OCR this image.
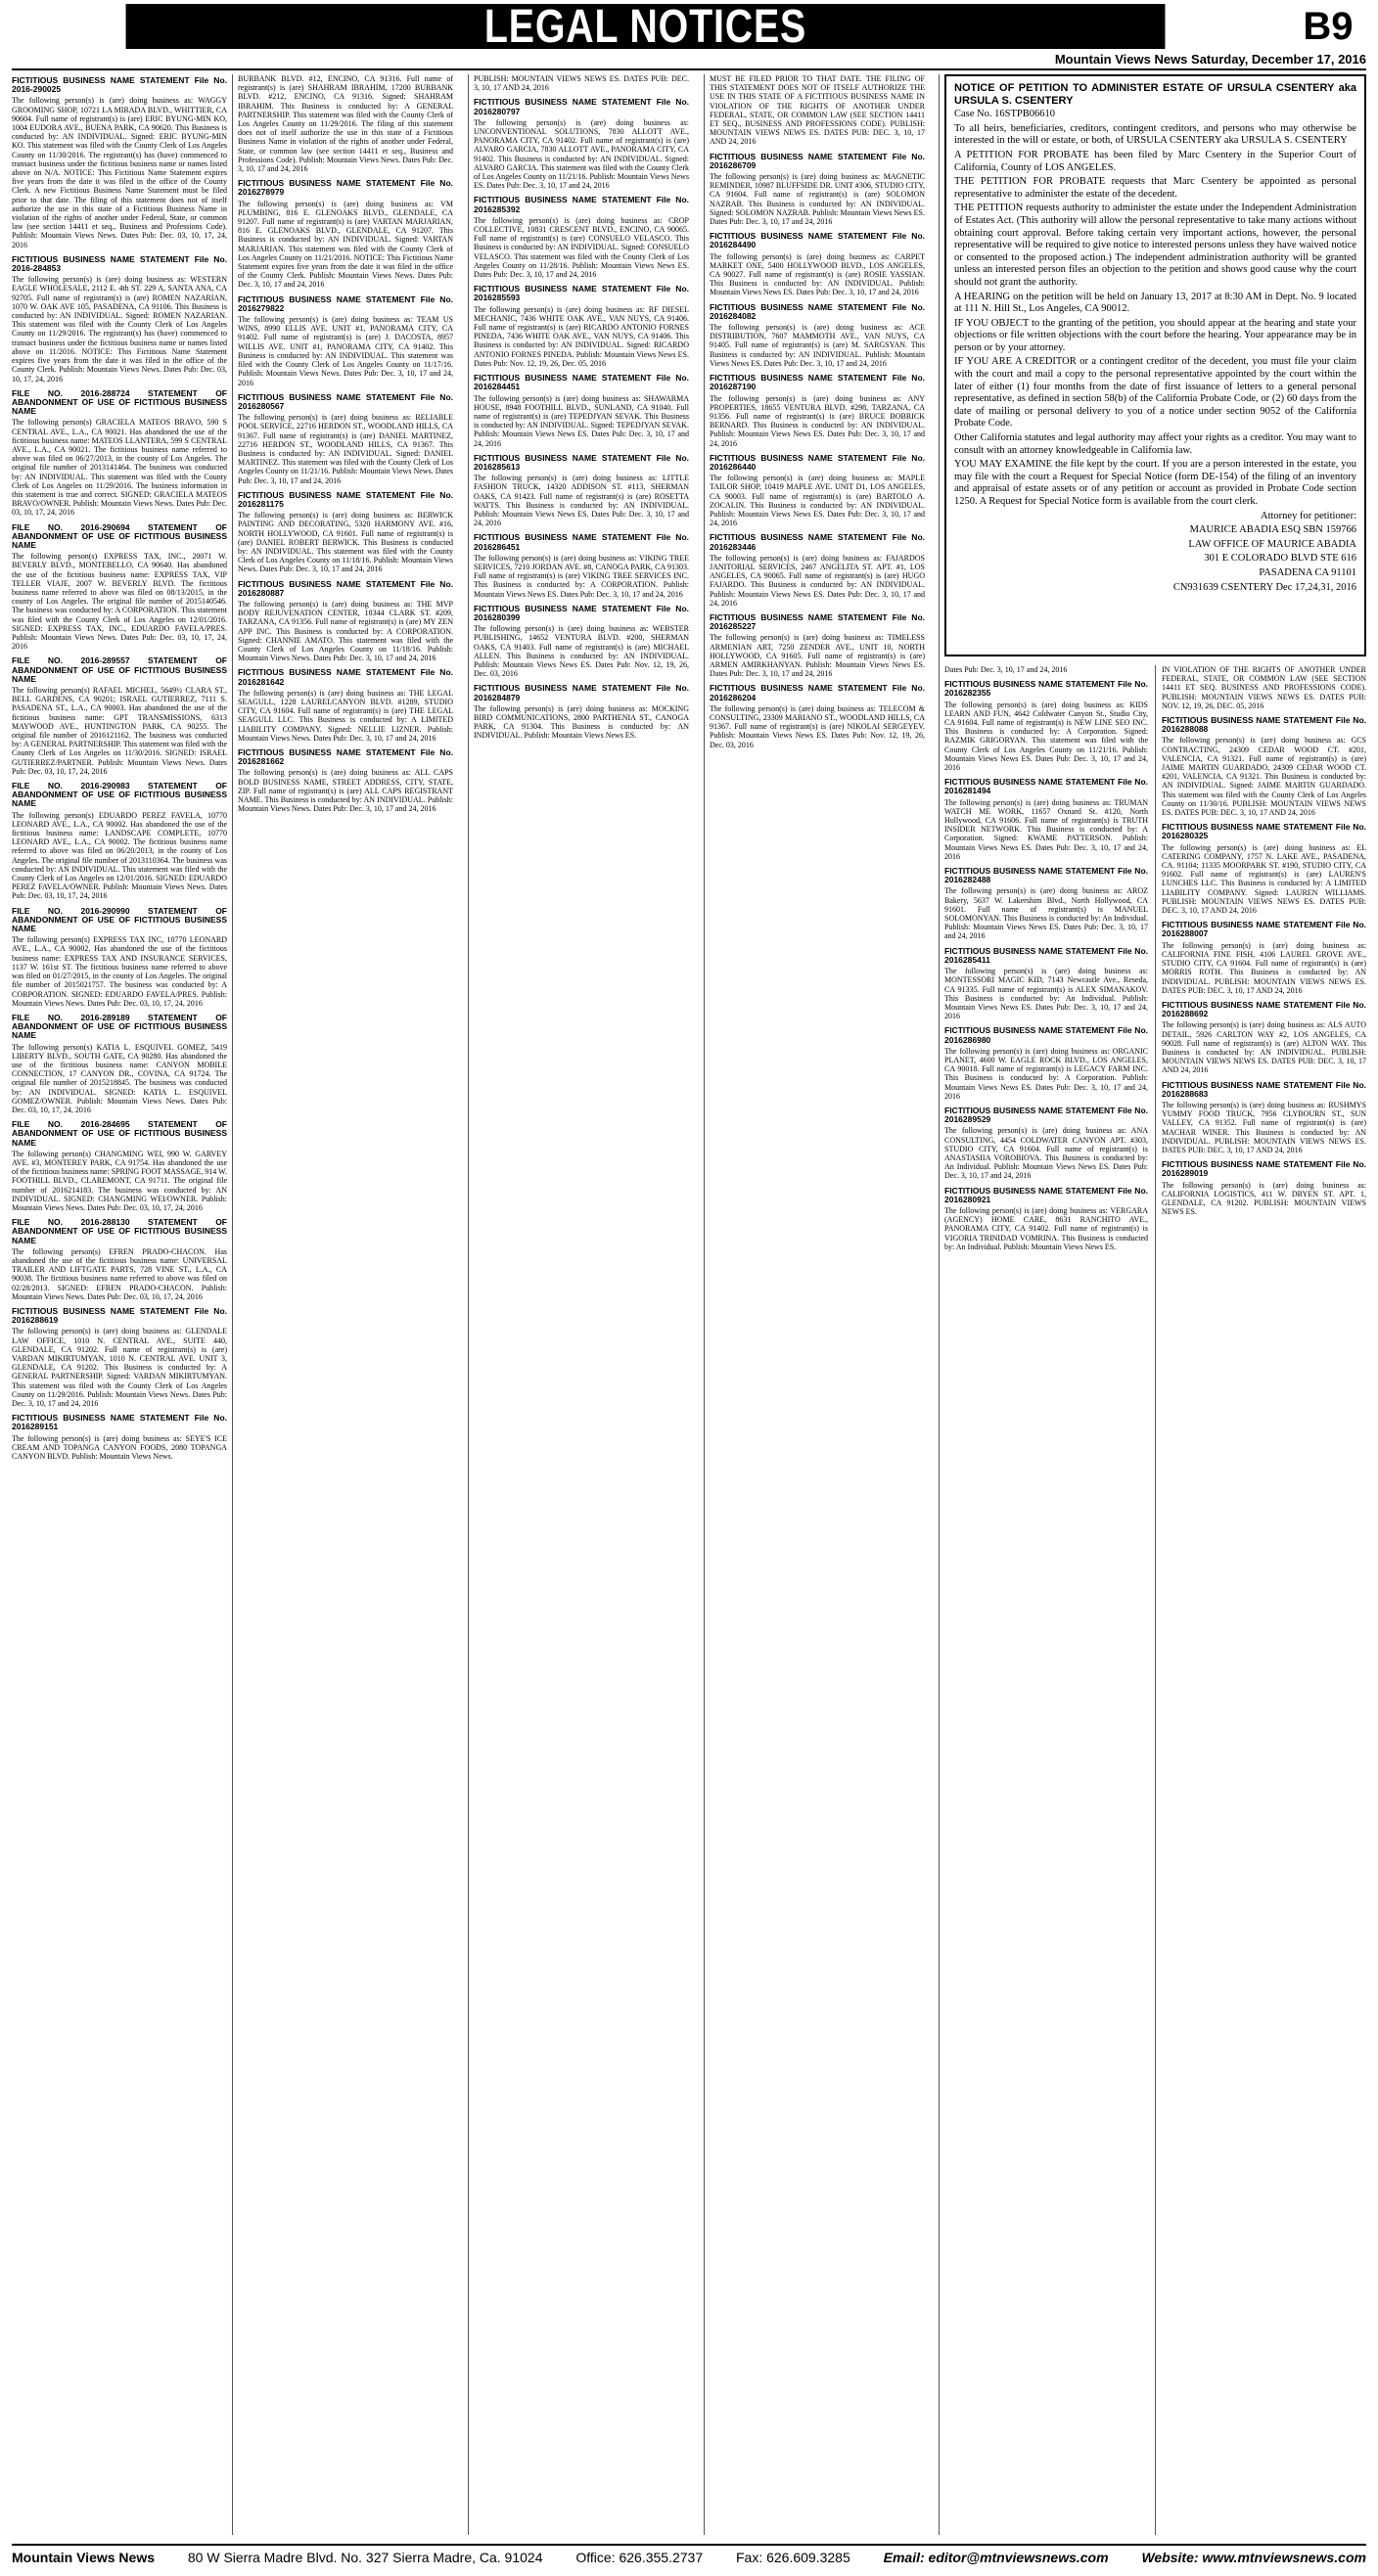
LEGAL NOTICES	B9
Mountain Views News Saturday, December 17, 2016

FICTITIOUS BUSINESS NAME STATEMENT File No. 2016-290025

The following person(s) is (are) doing business as: WAGGY GROOMING SHOP, 10721 LA MIRADA BLVD., WHITTIER, CA 90604. Full name of registrant(s) is (are) ERIC BYUNG-MIN KO, 1004 EUDORA AVE., BUENA PARK, CA 90620. This Business is conducted by: AN INDIVIDUAL. Signed: ERIC BYUNG-MIN KO. This statement was filed with the County Clerk of Los Angeles County on 11/30/2016. The registrant(s) has (have) commenced to transact business under the fictitious business name or names listed above on N/A. NOTICE: This Fictitious Name Statement expires five years from the date it was filed in the office of the County Clerk. A new Fictitious Business Name Statement must be filed prior to that date. The filing of this statement does not of itself authorize the use in this state of a Fictitious Business Name in violation of the rights of another under Federal, State, or common law (see section 14411 et seq., Business and Professions Code). Publish: Mountain Views News. Dates Pub: Dec. 03, 10, 17, 24, 2016

FICTITIOUS BUSINESS NAME STATEMENT File No. 2016-284853

The following person(s) is (are) doing business as: WESTERN EAGLE WHOLESALE, 2112 E. 4th ST. 229 A, SANTA ANA, CA 92705. Full name of registrant(s) is (are) ROMEN NAZARIAN, 1070 W. OAK AVE 105, PASADENA, CA 91106. This Business is conducted by: AN INDIVIDUAL. Signed: ROMEN NAZARIAN. This statement was filed with the County Clerk of Los Angeles County on 11/29/2016. The registrant(s) has (have) commenced to transact business under the fictitious business name or names listed above on 11/2016. NOTICE: This Fictitious Name Statement expires five years from the date it was filed in the office of the County Clerk. Publish: Mountain Views News. Dates Pub: Dec. 03, 10, 17, 24, 2016

FILE NO. 2016-288724 STATEMENT OF ABANDONMENT OF USE OF FICTITIOUS BUSINESS NAME

The following person(s) GRACIELA MATEOS BRAVO, 590 S CENTRAL AVE., L.A., CA 90021. Has abandoned the use of the fictitious business name: MATEOS LLANTERA, 599 S CENTRAL AVE., L.A., CA 90021. The fictitious business name referred to above was filed on 06/27/2013, in the county of Los Angeles. The original file number of 2013141464. The business was conducted by: AN INDIVIDUAL. This statement was filed with the County Clerk of Los Angeles on 11/29/2016. The business information in this statement is true and correct. SIGNED: GRACIELA MATEOS BRAVO/OWNER. Publish: Mountain Views News. Dates Pub: Dec. 03, 10, 17, 24, 2016

FILE NO. 2016-290694 STATEMENT OF ABANDONMENT OF USE OF FICTITIOUS BUSINESS NAME

The following person(s) EXPRESS TAX, INC., 20071 W. BEVERLY BLVD., MONTEBELLO, CA 90640. Has abandoned the use of the fictitious business name: EXPRESS TAX, VIP TELLER VIAJE, 2007 W. BEVERLY BLVD. The fictitious business name referred to above was filed on 08/13/2015, in the county of Los Angeles. The original file number of 2015140546. The business was conducted by: A CORPORATION. This statement was filed with the County Clerk of Los Angeles on 12/01/2016. SIGNED: EXPRESS TAX, INC., EDUARDO FAVELA/PRES. Publish: Mountain Views News. Dates Pub: Dec. 03, 10, 17, 24, 2016

FILE NO. 2016-289557 STATEMENT OF ABANDONMENT OF USE OF FICTITIOUS BUSINESS NAME

The following person(s) RAFAEL MICHEL, 5649½ CLARA ST., BELL GARDENS, CA 90201; ISRAEL GUTIERREZ, 7111 S. PASADENA ST., L.A., CA 90003. Has abandoned the use of the fictitious business name: GPT TRANSMISSIONS, 6313 MAYWOOD AVE., HUNTINGTON PARK, CA 90255. The original file number of 2016121162. The business was conducted by: A GENERAL PARTNERSHIP. This statement was filed with the County Clerk of Los Angeles on 11/30/2016. SIGNED: ISRAEL GUTIERREZ/PARTNER. Publish: Mountain Views News. Dates Pub: Dec. 03, 10, 17, 24, 2016

FILE NO. 2016-290983 STATEMENT OF ABANDONMENT OF USE OF FICTITIOUS BUSINESS NAME

The following person(s) EDUARDO PEREZ FAVELA, 10770 LEONARD AVE., L.A., CA 90002. Has abandoned the use of the fictitious business name: LANDSCAPE COMPLETE, 10770 LEONARD AVE., L.A., CA 90002. The fictitious business name referred to above was filed on 06/20/2013, in the county of Los Angeles. The original file number of 2013110364. The business was conducted by: AN INDIVIDUAL. This statement was filed with the County Clerk of Los Angeles on 12/01/2016. SIGNED: EDUARDO PEREZ FAVELA/OWNER. Publish: Mountain Views News. Dates Pub: Dec. 03, 10, 17, 24, 2016

FILE NO. 2016-290990 STATEMENT OF ABANDONMENT OF USE OF FICTITIOUS BUSINESS NAME

The following person(s) EXPRESS TAX INC, 10770 LEONARD AVE., L.A., CA 90002. Has abandoned the use of the fictitious business name: EXPRESS TAX AND INSURANCE SERVICES, 1137 W. 161st ST. The fictitious business name referred to above was filed on 01/27/2015, in the county of Los Angeles. The original file number of 2015021757. The business was conducted by: A CORPORATION. SIGNED: EDUARDO FAVELA/PRES. Publish: Mountain Views News. Dates Pub: Dec. 03, 10, 17, 24, 2016

FILE NO. 2016-289189 STATEMENT OF ABANDONMENT OF USE OF FICTITIOUS BUSINESS NAME

The following person(s) KATIA L. ESQUIVEL GOMEZ, 5419 LIBERTY BLVD., SOUTH GATE, CA 90280. Has abandoned the use of the fictitious business name: CANYON MOBILE CONNECTION, 17 CANYON DR., COVINA, CA 91724. The original file number of 2015218845. The business was conducted by: AN INDIVIDUAL. SIGNED: KATIA L. ESQUIVEL GOMEZ/OWNER. Publish: Mountain Views News. Dates Pub: Dec. 03, 10, 17, 24, 2016

FILE NO. 2016-284695 STATEMENT OF ABANDONMENT OF USE OF FICTITIOUS BUSINESS NAME

The following person(s) CHANGMING WEI, 990 W. GARVEY AVE. #3, MONTEREY PARK, CA 91754. Has abandoned the use of the fictitious business name: SPRING FOOT MASSAGE, 914 W. FOOTHILL BLVD., CLAREMONT, CA 91711. The original file number of 2016214183. The business was conducted by: AN INDIVIDUAL. SIGNED: CHANGMING WEI/OWNER. Publish: Mountain Views News. Dates Pub: Dec. 03, 10, 17, 24, 2016

FILE NO. 2016-288130 STATEMENT OF ABANDONMENT OF USE OF FICTITIOUS BUSINESS NAME

The following person(s) EFREN PRADO-CHACON. Has abandoned the use of the fictitious business name: UNIVERSAL TRAILER AND LIFTGATE PARTS, 728 VINE ST., L.A., CA 90038. The fictitious business name referred to above was filed on 02/28/2013. SIGNED: EFREN PRADO-CHACON. Publish: Mountain Views News. Dates Pub: Dec. 03, 10, 17, 24, 2016

FICTITIOUS BUSINESS NAME STATEMENT File No. 2016288619

The following person(s) is (are) doing business as: GLENDALE LAW OFFICE, 1010 N. CENTRAL AVE., SUITE 440, GLENDALE, CA 91202. Full name of registrant(s) is (are) VARDAN MIKIRTUMYAN, 1010 N. CENTRAL AVE. UNIT 3, GLENDALE, CA 91202. This Business is conducted by: A GENERAL PARTNERSHIP. Signed: VARDAN MIKIRTUMYAN. This statement was filed with the County Clerk of Los Angeles County on 11/29/2016. Publish: Mountain Views News. Dates Pub: Dec. 3, 10, 17 and 24, 2016

FICTITIOUS BUSINESS NAME STATEMENT File No. 2016289151

The following person(s) is (are) doing business as: SEYE'S ICE CREAM AND TOPANGA CANYON FOODS, 2080 TOPANGA CANYON BLVD. Publish: Mountain Views News.

BURBANK BLVD. #12, ENCINO, CA 91316. Full name of registrant(s) is (are) SHAHRAM IBRAHIM, 17200 BURBANK BLVD. #212, ENCINO, CA 91316. Signed: SHAHRAM IBRAHIM. This Business is conducted by: A GENERAL PARTNERSHIP. This statement was filed with the County Clerk of Los Angeles County on 11/29/2016. The filing of this statement does not of itself authorize the use in this state of a Fictitious Business Name in violation of the rights of another under Federal, State, or common law (see section 14411 et seq., Business and Professions Code). Publish: Mountain Views News. Dates Pub: Dec. 3, 10, 17 and 24, 2016

FICTITIOUS BUSINESS NAME STATEMENT File No. 2016278979

The following person(s) is (are) doing business as: VM PLUMBING, 816 E. GLENOAKS BLVD., GLENDALE, CA 91207. Full name of registrant(s) is (are) VARTAN MARJARIAN, 816 E. GLENOAKS BLVD., GLENDALE, CA 91207. This Business is conducted by: AN INDIVIDUAL. Signed: VARTAN MARJARIAN. This statement was filed with the County Clerk of Los Angeles County on 11/21/2016. NOTICE: This Fictitious Name Statement expires five years from the date it was filed in the office of the County Clerk. Publish: Mountain Views News. Dates Pub: Dec. 3, 10, 17 and 24, 2016

FICTITIOUS BUSINESS NAME STATEMENT File No. 2016279822

The following person(s) is (are) doing business as: TEAM US WINS, 8990 ELLIS AVE. UNIT #1, PANORAMA CITY, CA 91402. Full name of registrant(s) is (are) J. DACOSTA, 8957 WILLIS AVE. UNIT #1, PANORAMA CITY, CA 91402. This Business is conducted by: AN INDIVIDUAL. This statement was filed with the County Clerk of Los Angeles County on 11/17/16. Publish: Mountain Views News. Dates Pub: Dec. 3, 10, 17 and 24, 2016

FICTITIOUS BUSINESS NAME STATEMENT File No. 2016280567

The following person(s) is (are) doing business as: RELIABLE POOL SERVICE, 22716 HERDON ST., WOODLAND HILLS, CA 91367. Full name of registrant(s) is (are) DANIEL MARTINEZ, 22716 HERDON ST., WOODLAND HILLS, CA 91367. This Business is conducted by: AN INDIVIDUAL. Signed: DANIEL MARTINEZ. This statement was filed with the County Clerk of Los Angeles County on 11/21/16. Publish: Mountain Views News. Dates Pub: Dec. 3, 10, 17 and 24, 2016

FICTITIOUS BUSINESS NAME STATEMENT File No. 2016281175

The following person(s) is (are) doing business as: BERWICK PAINTING AND DECORATING, 5320 HARMONY AVE. #16, NORTH HOLLYWOOD, CA 91601. Full name of registrant(s) is (are) DANIEL ROBERT BERWICK. This Business is conducted by: AN INDIVIDUAL. This statement was filed with the County Clerk of Los Angeles County on 11/18/16. Publish: Mountain Views News. Dates Pub: Dec. 3, 10, 17 and 24, 2016

FICTITIOUS BUSINESS NAME STATEMENT File No. 2016280887

The following person(s) is (are) doing business as: THE MVP BODY REJUVENATION CENTER, 18344 CLARK ST. #209, TARZANA, CA 91356. Full name of registrant(s) is (are) MY ZEN APP INC. This Business is conducted by: A CORPORATION. Signed: CHANNIE AMATO. This statement was filed with the County Clerk of Los Angeles County on 11/18/16. Publish: Mountain Views News. Dates Pub: Dec. 3, 10, 17 and 24, 2016

FICTITIOUS BUSINESS NAME STATEMENT File No. 2016281642

The following person(s) is (are) doing business as: THE LEGAL SEAGULL, 1228 LAURELCANYON BLVD. #1289, STUDIO CITY, CA 91604. Full name of registrant(s) is (are) THE LEGAL SEAGULL LLC. This Business is conducted by: A LIMITED LIABILITY COMPANY. Signed: NELLIE LIZNER. Publish: Mountain Views News. Dates Pub: Dec. 3, 10, 17 and 24, 2016

FICTITIOUS BUSINESS NAME STATEMENT File No. 2016281662

The following person(s) is (are) doing business as: ALL CAPS BOLD BUSINESS NAME, STREET ADDRESS, CITY, STATE, ZIP. Full name of registrant(s) is (are) ALL CAPS REGISTRANT NAME. This Business is conducted by: AN INDIVIDUAL. Publish: Mountain Views News. Dates Pub: Dec. 3, 10, 17 and 24, 2016

PUBLISH: MOUNTAIN VIEWS NEWS ES. DATES PUB: DEC. 3, 10, 17 AND 24, 2016

FICTITIOUS BUSINESS NAME STATEMENT File No. 2016280797

The following person(s) is (are) doing business as: UNCONVENTIONAL SOLUTIONS, 7830 ALLOTT AVE., PANORAMA CITY, CA 91402. Full name of registrant(s) is (are) ALVARO GARCIA, 7830 ALLOTT AVE., PANORAMA CITY, CA 91402. This Business is conducted by: AN INDIVIDUAL. Signed: ALVARO GARCIA. This statement was filed with the County Clerk of Los Angeles County on 11/21/16. Publish: Mountain Views News ES. Dates Pub: Dec. 3, 10, 17 and 24, 2016

FICTITIOUS BUSINESS NAME STATEMENT File No. 2016285392

The following person(s) is (are) doing business as: CROP COLLECTIVE, 10831 CRESCENT BLVD., ENCINO, CA 90065. Full name of registrant(s) is (are) CONSUELO VELASCO. This Business is conducted by: AN INDIVIDUAL. Signed: CONSUELO VELASCO. This statement was filed with the County Clerk of Los Angeles County on 11/28/16. Publish: Mountain Views News ES. Dates Pub: Dec. 3, 10, 17 and 24, 2016

FICTITIOUS BUSINESS NAME STATEMENT File No. 2016285593

The following person(s) is (are) doing business as: RF DIESEL MECHANIC, 7436 WHITE OAK AVE., VAN NUYS, CA 91406. Full name of registrant(s) is (are) RICARDO ANTONIO FORNES PINEDA, 7436 WHITE OAK AVE., VAN NUYS, CA 91406. This Business is conducted by: AN INDIVIDUAL. Signed: RICARDO ANTONIO FORNES PINEDA. Publish: Mountain Views News ES. Dates Pub: Nov. 12, 19, 26, Dec. 05, 2016

FICTITIOUS BUSINESS NAME STATEMENT File No. 2016284451

The following person(s) is (are) doing business as: SHAWARMA HOUSE, 8948 FOOTHILL BLVD., SUNLAND, CA 91040. Full name of registrant(s) is (are) TEPEDJYAN SEVAK. This Business is conducted by: AN INDIVIDUAL. Signed: TEPEDJYAN SEVAK. Publish: Mountain Views News ES. Dates Pub: Dec. 3, 10, 17 and 24, 2016

FICTITIOUS BUSINESS NAME STATEMENT File No. 2016285613

The following person(s) is (are) doing business as: LITTLE FASHION TRUCK, 14320 ADDISON ST. #113, SHERMAN OAKS, CA 91423. Full name of registrant(s) is (are) ROSETTA WATTS. This Business is conducted by: AN INDIVIDUAL. Publish: Mountain Views News ES. Dates Pub: Dec. 3, 10, 17 and 24, 2016

FICTITIOUS BUSINESS NAME STATEMENT File No. 2016286451

The following person(s) is (are) doing business as: VIKING TREE SERVICES, 7210 JORDAN AVE. #8, CANOGA PARK, CA 91303. Full name of registrant(s) is (are) VIKING TREE SERVICES INC. This Business is conducted by: A CORPORATION. Publish: Mountain Views News ES. Dates Pub: Dec. 3, 10, 17 and 24, 2016

FICTITIOUS BUSINESS NAME STATEMENT File No. 2016280399

The following person(s) is (are) doing business as: WEBSTER PUBLISHING, 14652 VENTURA BLVD. #200, SHERMAN OAKS, CA 91403. Full name of registrant(s) is (are) MICHAEL ALLEN. This Business is conducted by: AN INDIVIDUAL. Publish: Mountain Views News ES. Dates Pub: Nov. 12, 19, 26, Dec. 03, 2016

FICTITIOUS BUSINESS NAME STATEMENT File No. 2016284879

The following person(s) is (are) doing business as: MOCKING BIRD COMMUNICATIONS, 2800 PARTHENIA ST., CANOGA PARK, CA 91304. This Business is conducted by: AN INDIVIDUAL. Publish: Mountain Views News ES.

MUST BE FILED PRIOR TO THAT DATE. THE FILING OF THIS STATEMENT DOES NOT OF ITSELF AUTHORIZE THE USE IN THIS STATE OF A FICTITIOUS BUSINESS NAME IN VIOLATION OF THE RIGHTS OF ANOTHER UNDER FEDERAL, STATE, OR COMMON LAW (SEE SECTION 14411 ET SEQ., BUSINESS AND PROFESSIONS CODE). PUBLISH: MOUNTAIN VIEWS NEWS ES. DATES PUB: DEC. 3, 10, 17 AND 24, 2016

FICTITIOUS BUSINESS NAME STATEMENT File No. 2016286709

The following person(s) is (are) doing business as: MAGNETIC REMINDER, 10987 BLUFFSIDE DR. UNIT #306, STUDIO CITY, CA 91604. Full name of registrant(s) is (are) SOLOMON NAZRAB. This Business is conducted by: AN INDIVIDUAL. Signed: SOLOMON NAZRAB. Publish: Mountain Views News ES. Dates Pub: Dec. 3, 10, 17 and 24, 2016

FICTITIOUS BUSINESS NAME STATEMENT File No. 2016284490

The following person(s) is (are) doing business as: CARPET MARKET ONE, 5400 HOLLYWOOD BLVD., LOS ANGELES, CA 90027. Full name of registrant(s) is (are) ROSIE YASSIAN. This Business is conducted by: AN INDIVIDUAL. Publish: Mountain Views News ES. Dates Pub: Dec. 3, 10, 17 and 24, 2016

FICTITIOUS BUSINESS NAME STATEMENT File No. 2016284082

The following person(s) is (are) doing business as: ACE DISTRIBUTION, 7607 MAMMOTH AVE., VAN NUYS, CA 91405. Full name of registrant(s) is (are) M. SARGSYAN. This Business is conducted by: AN INDIVIDUAL. Publish: Mountain Views News ES. Dates Pub: Dec. 3, 10, 17 and 24, 2016

FICTITIOUS BUSINESS NAME STATEMENT File No. 2016287190

The following person(s) is (are) doing business as: ANY PROPERTIES, 18655 VENTURA BLVD. #298, TARZANA, CA 91356. Full name of registrant(s) is (are) BRUCE BOBRICK BERNARD. This Business is conducted by: AN INDIVIDUAL. Publish: Mountain Views News ES. Dates Pub: Dec. 3, 10, 17 and 24, 2016

FICTITIOUS BUSINESS NAME STATEMENT File No. 2016286440

The following person(s) is (are) doing business as: MAPLE TAILOR SHOP, 10419 MAPLE AVE. UNIT D1, LOS ANGELES, CA 90003. Full name of registrant(s) is (are) BARTOLO A. ZOCALIN. This Business is conducted by: AN INDIVIDUAL. Publish: Mountain Views News ES. Dates Pub: Dec. 3, 10, 17 and 24, 2016

FICTITIOUS BUSINESS NAME STATEMENT File No. 2016283446

The following person(s) is (are) doing business as: FAJARDOS JANITORIAL SERVICES, 2467 ANGELITA ST. APT. #1, LOS ANGELES, CA 90065. Full name of registrant(s) is (are) HUGO FAJARDO. This Business is conducted by: AN INDIVIDUAL. Publish: Mountain Views News ES. Dates Pub: Dec. 3, 10, 17 and 24, 2016

FICTITIOUS BUSINESS NAME STATEMENT File No. 2016285227

The following person(s) is (are) doing business as: TIMELESS ARMENIAN ART, 7250 ZENDER AVE., UNIT 10, NORTH HOLLYWOOD, CA 91605. Full name of registrant(s) is (are) ARMEN AMIRKHANYAN. Publish: Mountain Views News ES. Dates Pub: Dec. 3, 10, 17 and 24, 2016

FICTITIOUS BUSINESS NAME STATEMENT File No. 2016286204

The following person(s) is (are) doing business as: TELECOM & CONSULTING, 23309 MARIANO ST., WOODLAND HILLS, CA 91367. Full name of registrant(s) is (are) NIKOLAI SERGEYEV. Publish: Mountain Views News ES. Dates Pub: Nov. 12, 19, 26, Dec. 03, 2016

NOTICE OF PETITION TO ADMINISTER ESTATE OF URSULA CSENTERY aka URSULA S. CSENTERY

Case No. 16STPB06610

To all heirs, beneficiaries, creditors, contingent creditors, and persons who may otherwise be interested in the will or estate, or both, of URSULA CSENTERY aka URSULA S. CSENTERY

A PETITION FOR PROBATE has been filed by Marc Csentery in the Superior Court of California, County of LOS ANGELES.

THE PETITION FOR PROBATE requests that Marc Csentery be appointed as personal representative to administer the estate of the decedent.

THE PETITION requests authority to administer the estate under the Independent Administration of Estates Act. (This authority will allow the personal representative to take many actions without obtaining court approval. Before taking certain very important actions, however, the personal representative will be required to give notice to interested persons unless they have waived notice or consented to the proposed action.) The independent administration authority will be granted unless an interested person files an objection to the petition and shows good cause why the court should not grant the authority.

A HEARING on the petition will be held on January 13, 2017 at 8:30 AM in Dept. No. 9 located at 111 N. Hill St., Los Angeles, CA 90012.

IF YOU OBJECT to the granting of the petition, you should appear at the hearing and state your objections or file written objections with the court before the hearing. Your appearance may be in person or by your attorney.

IF YOU ARE A CREDITOR or a contingent creditor of the decedent, you must file your claim with the court and mail a copy to the personal representative appointed by the court within the later of either (1) four months from the date of first issuance of letters to a general personal representative, as defined in section 58(b) of the California Probate Code, or (2) 60 days from the date of mailing or personal delivery to you of a notice under section 9052 of the California Probate Code.

Other California statutes and legal authority may affect your rights as a creditor. You may want to consult with an attorney knowledgeable in California law.

YOU MAY EXAMINE the file kept by the court. If you are a person interested in the estate, you may file with the court a Request for Special Notice (form DE-154) of the filing of an inventory and appraisal of estate assets or of any petition or account as provided in Probate Code section 1250. A Request for Special Notice form is available from the court clerk.

Attorney for petitioner:

MAURICE ABADIA ESQ SBN 159766

LAW OFFICE OF MAURICE ABADIA

301 E COLORADO BLVD STE 616

PASADENA CA 91101

CN931639 CSENTERY Dec 17,24,31, 2016

Dates Pub: Dec. 3, 10, 17 and 24, 2016

FICTITIOUS BUSINESS NAME STATEMENT File No. 2016282355

The following person(s) is (are) doing business as: KIDS LEARN AND FUN, 4642 Coldwater Canyon St., Studio City, CA 91604. Full name of registrant(s) is NEW LINE SEO INC. This Business is conducted by: A Corporation. Signed: RAZMIK GRIGORYAN. This statement was filed with the County Clerk of Los Angeles County on 11/21/16. Publish: Mountain Views News ES. Dates Pub: Dec. 3, 10, 17 and 24, 2016

FICTITIOUS BUSINESS NAME STATEMENT File No. 2016281494

The following person(s) is (are) doing business as: TRUMAN WATCH ME WORK, 11657 Oxnard St. #120, North Hollywood, CA 91606. Full name of registrant(s) is TRUTH INSIDER NETWORK. This Business is conducted by: A Corporation. Signed: KWAME PATTERSON. Publish: Mountain Views News ES. Dates Pub: Dec. 3, 10, 17 and 24, 2016

FICTITIOUS BUSINESS NAME STATEMENT File No. 2016282488

The following person(s) is (are) doing business as: AROZ Bakery, 5637 W. Lakershim Blvd., North Hollywood, CA 91601. Full name of registrant(s) is MANUEL SOLOMONYAN. This Business is conducted by: An Individual. Publish: Mountain Views News ES. Dates Pub: Dec. 3, 10, 17 and 24, 2016

FICTITIOUS BUSINESS NAME STATEMENT File No. 2016285411

The following person(s) is (are) doing business as: MONTESSORI MAGIC KID, 7143 Newcastle Ave., Reseda, CA 91335. Full name of registrant(s) is ALEX SIMANAKOV. This Business is conducted by: An Individual. Publish: Mountain Views News ES. Dates Pub: Dec. 3, 10, 17 and 24, 2016

FICTITIOUS BUSINESS NAME STATEMENT File No. 2016286980

The following person(s) is (are) doing business as: ORGANIC PLANET, 4600 W. EAGLE ROCK BLVD., LOS ANGELES, CA 90018. Full name of registrant(s) is LEGACY FARM INC. This Business is conducted by: A Corporation. Publish: Mountain Views News ES. Dates Pub: Dec. 3, 10, 17 and 24, 2016

FICTITIOUS BUSINESS NAME STATEMENT File No. 2016289529

The following person(s) is (are) doing business as: ANA CONSULTING, 4454 COLDWATER CANYON APT. #303, STUDIO CITY, CA 91604. Full name of registrant(s) is ANASTASIIA VOROBIOVA. This Business is conducted by: An Individual. Publish: Mountain Views News ES. Dates Pub: Dec. 3, 10, 17 and 24, 2016

FICTITIOUS BUSINESS NAME STATEMENT File No. 2016280921

The following person(s) is (are) doing business as: VERGARA (AGENCY) HOME CARE, 8631 RANCHITO AVE., PANORAMA CITY, CA 91402. Full name of registrant(s) is VIGORIA TRINIDAD VOMRINA. This Business is conducted by: An Individual. Publish: Mountain Views News ES.

IN VIOLATION OF THE RIGHTS OF ANOTHER UNDER FEDERAL, STATE, OR COMMON LAW (SEE SECTION 14411 ET SEQ. BUSINESS AND PROFESSIONS CODE). PUBLISH: MOUNTAIN VIEWS NEWS ES. DATES PUB: NOV. 12, 19, 26, DEC. 05, 2016

FICTITIOUS BUSINESS NAME STATEMENT File No. 2016288088

The following person(s) is (are) doing business as: GCS CONTRACTING, 24309 CEDAR WOOD CT. #201, VALENCIA, CA 91321. Full name of registrant(s) is (are) JAIME MARTIN GUARDADO, 24309 CEDAR WOOD CT. #201, VALENCIA, CA 91321. This Business is conducted by: AN INDIVIDUAL. Signed: JAIME MARTIN GUARDADO. This statement was filed with the County Clerk of Los Angeles County on 11/30/16. PUBLISH: MOUNTAIN VIEWS NEWS ES. DATES PUB: DEC. 3, 10, 17 AND 24, 2016

FICTITIOUS BUSINESS NAME STATEMENT File No. 2016280325

The following person(s) is (are) doing business as: EL CATERING COMPANY, 1757 N. LAKE AVE., PASADENA, CA. 91104; 11335 MOORPARK ST. #190, STUDIO CITY, CA 91602. Full name of registrant(s) is (are) LAUREN'S LUNCHES LLC. This Business is conducted by: A LIMITED LIABILITY COMPANY. Signed: LAUREN WILLIAMS. PUBLISH: MOUNTAIN VIEWS NEWS ES. DATES PUB: DEC. 3, 10, 17 AND 24, 2016

FICTITIOUS BUSINESS NAME STATEMENT File No. 2016288007

The following person(s) is (are) doing business as: CALIFORNIA FINE FISH, 4106 LAUREL GROVE AVE., STUDIO CITY, CA 91604. Full name of registrant(s) is (are) MORRIS ROTH. This Business is conducted by: AN INDIVIDUAL. PUBLISH: MOUNTAIN VIEWS NEWS ES. DATES PUB: DEC. 3, 10, 17 AND 24, 2016

FICTITIOUS BUSINESS NAME STATEMENT File No. 2016288692

The following person(s) is (are) doing business as: ALS AUTO DETAIL, 5926 CARLTON WAY #2, LOS ANGELES, CA 90028. Full name of registrant(s) is (are) ALTON WAY. This Business is conducted by: AN INDIVIDUAL. PUBLISH: MOUNTAIN VIEWS NEWS ES. DATES PUB: DEC. 3, 10, 17 AND 24, 2016

FICTITIOUS BUSINESS NAME STATEMENT File No. 2016288683

The following person(s) is (are) doing business as: RUSHMYS YUMMY FOOD TRUCK, 7956 CLYBOURN ST., SUN VALLEY, CA 91352. Full name of registrant(s) is (are) MACHAR WINER. This Business is conducted by: AN INDIVIDUAL. PUBLISH: MOUNTAIN VIEWS NEWS ES. DATES PUB: DEC. 3, 10, 17 AND 24, 2016

FICTITIOUS BUSINESS NAME STATEMENT File No. 2016289019

The following person(s) is (are) doing business as: CALIFORNIA LOGISTICS, 411 W. DRYEN ST. APT. 1, GLENDALE, CA 91202. PUBLISH: MOUNTAIN VIEWS NEWS ES.

Mountain Views News 80 W Sierra Madre Blvd. No. 327 Sierra Madre, Ca. 91024 Office: 626.355.2737 Fax: 626.609.3285 Email: editor@mtnviewsnews.com Website: www.mtnviewsnews.com
